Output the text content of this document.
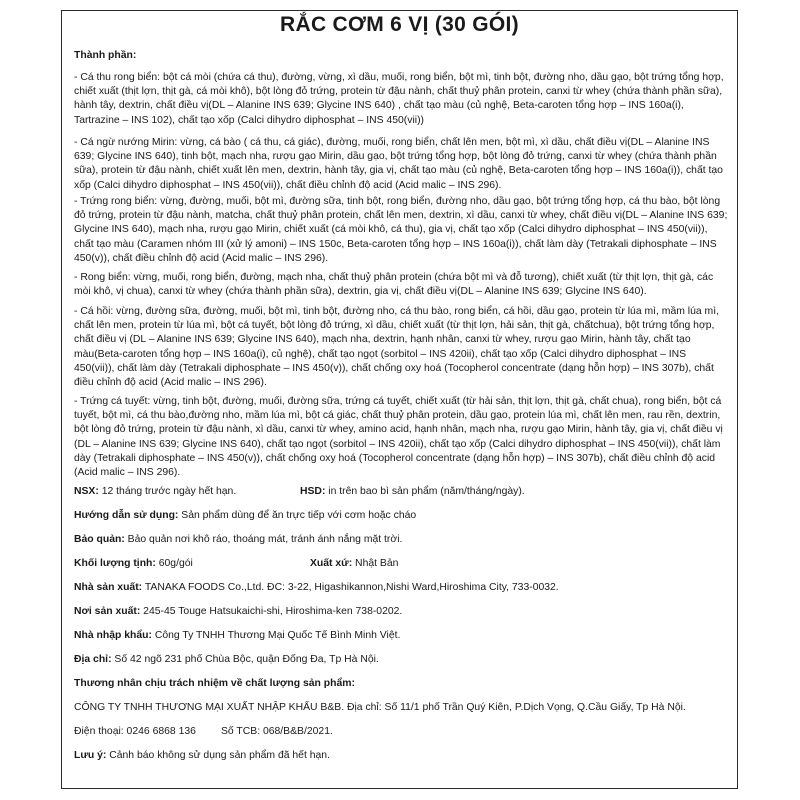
RẮC CƠM 6 VỊ (30 GÓI)
Thành phần:

- Cá thu rong biển: bột cá mòi (chứa cá thu), đường, vừng, xì dầu, muối, rong biển, bột mì, tinh bột, đường nho, dầu gạo, bột trứng tổng hợp, chiết xuất (thịt lợn, thịt gà, cá mòi khô), bột lòng đỏ trứng, protein từ đậu nành, chất thuỷ phân protein, canxi từ whey (chứa thành phần sữa), hành tây, dextrin, chất điều vị(DL – Alanine INS 639; Glycine INS 640) , chất tạo màu (củ nghệ, Beta-caroten tổng hợp – INS 160a(i), Tartrazine – INS 102), chất tạo xốp (Calci dihydro diphosphat – INS 450(vii))

- Cá ngừ nướng Mirin: vừng, cá bào ( cá thu, cá giác), đường, muối, rong biển, chất lên men, bột mì, xì dầu, chất điều vị(DL – Alanine INS 639; Glycine INS 640), tinh bột, mạch nha, rượu gạo Mirin, dầu gạo, bột trứng tổng hợp, bột lòng đỏ trứng, canxi từ whey (chứa thành phần sữa), protein từ đậu nành, chiết xuất lên men, dextrin, hành tây, gia vị, chất tạo màu (củ nghệ, Beta-caroten tổng hợp – INS 160a(i)), chất tạo xốp (Calci dihydro diphosphat – INS 450(vii)), chất điều chỉnh độ acid (Acid malic – INS 296).

- Trứng rong biển: vừng, đường, muối, bột mì, đường sữa, tinh bột, rong biển, đường nho, dầu gạo, bột trứng tổng hợp, cá thu bào, bột lòng đỏ trứng, protein từ đậu nành, matcha, chất thuỷ phân protein, chất lên men, dextrin, xì dầu, canxi từ whey, chất điều vị(DL – Alanine INS 639; Glycine INS 640), mạch nha, rượu gạo Mirin, chiết xuất (cá mòi khô, cá thu), gia vị, chất tạo xốp (Calci dihydro diphosphat – INS 450(vii)), chất tạo màu (Caramen nhóm III (xử lý amoni) – INS 150c, Beta-caroten tổng hợp – INS 160a(i)), chất làm dày (Tetrakali diphosphate – INS 450(v)), chất điều chỉnh độ acid (Acid malic – INS 296).

- Rong biển: vừng, muối, rong biển, đường, mạch nha, chất thuỷ phân protein (chứa bột mì và đỗ tương), chiết xuất (từ thịt lợn, thịt gà, các mòi khô, vị chua), canxi từ whey (chứa thành phần sữa), dextrin, gia vị, chất điều vị(DL – Alanine INS 639; Glycine INS 640).

- Cá hồi: vừng, đường sữa, đường, muối, bột mì, tinh bột, đường nho, cá thu bào, rong biển, cá hồi, dầu gạo, protein từ lúa mì, mầm lúa mì, chất lên men, protein từ lúa mì, bột cá tuyết, bột lòng đỏ trứng, xì dầu, chiết xuất (từ thịt lợn, hải sản, thịt gà, chấtchua), bột trứng tổng hợp, chất điều vị (DL – Alanine INS 639; Glycine INS 640), mạch nha, dextrin, hạnh nhân, canxi từ whey, rượu gạo Mirin, hành tây, chất tạo màu(Beta-caroten tổng hợp – INS 160a(i), củ nghệ), chất tạo ngọt (sorbitol – INS 420ii), chất tạo xốp (Calci dihydro diphosphat – INS 450(vii)), chất làm dày (Tetrakali diphosphate – INS 450(v)), chất chống oxy hoá (Tocopherol concentrate (dạng hỗn hợp) – INS 307b), chất điều chỉnh độ acid (Acid malic – INS 296).

- Trứng cá tuyết: vừng, tinh bột, đường, muối, đường sữa, trứng cá tuyết, chiết xuất (từ hải sản, thịt lợn, thịt gà, chất chua), rong biển, bột cá tuyết, bột mì, cá thu bào,đường nho, mầm lúa mì, bột cá giác, chất thuỷ phân protein, dầu gạo, protein lúa mì, chất lên men, rau rền, dextrin, bột lòng đỏ trứng, protein từ đậu nành, xì dầu, canxi từ whey, amino acid, hạnh nhân, mạch nha, rượu gạo Mirin, hành tây, gia vị, chất điều vị (DL – Alanine INS 639; Glycine INS 640), chất tạo ngọt (sorbitol – INS 420ii), chất tạo xốp (Calci dihydro diphosphat – INS 450(vii)), chất làm dày (Tetrakali diphosphate – INS 450(v)), chất chống oxy hoá (Tocopherol concentrate (dạng hỗn hợp) – INS 307b), chất điều chỉnh độ acid (Acid malic – INS 296).

NSX: 12 tháng trước ngày hết hạn.	HSD: in trên bao bì sản phẩm (năm/tháng/ngày).
Hướng dẫn sử dụng: Sản phẩm dùng để ăn trực tiếp với cơm hoặc cháo
Bảo quản: Bảo quản nơi khô ráo, thoáng mát, tránh ánh nắng mặt trời.
Khối lượng tịnh: 60g/gói	Xuất xứ: Nhật Bản
Nhà sản xuất: TANAKA FOODS Co.,Ltd. ĐC: 3-22, Higashikannon,Nishi Ward,Hiroshima City, 733-0032.
Nơi sản xuất: 245-45 Touge Hatsukaichi-shi, Hiroshima-ken 738-0202.
Nhà nhập khẩu: Công Ty TNHH Thương Mại Quốc Tế Bình Minh Việt.
Địa chỉ: Số 42 ngõ 231 phố Chùa Bộc, quận Đống Đa, Tp Hà Nội.
Thương nhân chịu trách nhiệm về chất lượng sản phẩm:
CÔNG TY TNHH THƯƠNG MẠI XUẤT NHẬP KHẨU B&B. Địa chỉ: Số 11/1 phố Trần Quý Kiên, P.Dịch Vọng, Q.Cầu Giấy, Tp Hà Nội.
Điện thoại: 0246 6868 136 Số TCB: 068/B&B/2021.
Lưu ý: Cảnh báo không sử dụng sản phẩm đã hết hạn.
